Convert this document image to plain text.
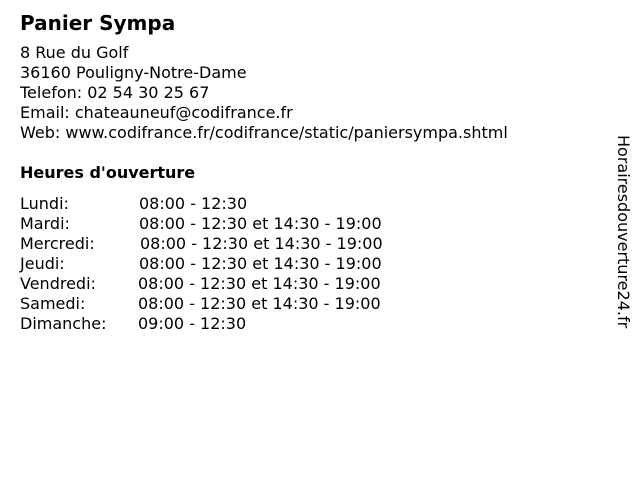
Panier Sympa
8 Rue du Golf
36160 Pouligny-Notre-Dame
Telefon: 02 54 30 25 67
Email: chateauneuf@codifrance.fr
Web: www.codifrance.fr/codifrance/static/paniersympa.shtml
Heures d'ouverture
Lundi:	08:00 - 12:30
Mardi:	08:00 - 12:30 et 14:30 - 19:00
Mercredi:	08:00 - 12:30 et 14:30 - 19:00
Jeudi:	08:00 - 12:30 et 14:30 - 19:00
Vendredi:	08:00 - 12:30 et 14:30 - 19:00
Samedi:	08:00 - 12:30 et 14:30 - 19:00
Dimanche: 09:00 - 12:30	Horairesdouverture24.fr
